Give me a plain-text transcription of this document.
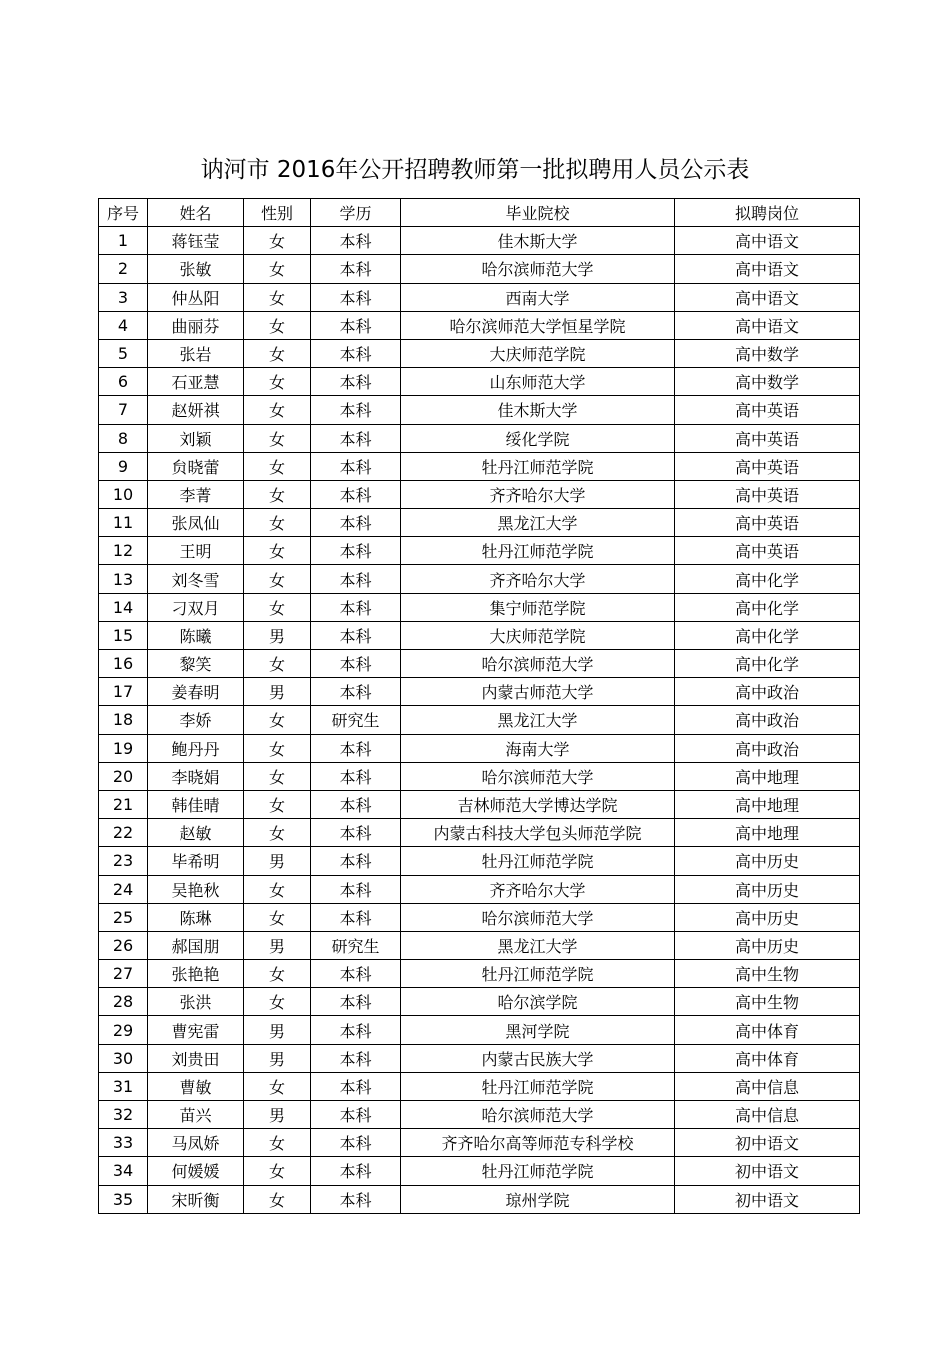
讷河市 2016年公开招聘教师第一批拟聘用人员公示表
序号	姓名	性别	学历	毕业院校	拟聘岗位
1	蒋钰莹	女	本科	佳木斯大学	高中语文
2	张敏	女	本科	哈尔滨师范大学	高中语文
3	仲丛阳	女	本科	西南大学	高中语文
4	曲丽芬	女	本科	哈尔滨师范大学恒星学院	高中语文
5	张岩	女	本科	大庆师范学院	高中数学
6	石亚慧	女	本科	山东师范大学	高中数学
7	赵妍祺	女	本科	佳木斯大学	高中英语
8	刘颖	女	本科	绥化学院	高中英语
9	贠晓蕾	女	本科	牡丹江师范学院	高中英语
10	李菁	女	本科	齐齐哈尔大学	高中英语
11	张凤仙	女	本科	黑龙江大学	高中英语
12	王明	女	本科	牡丹江师范学院	高中英语
13	刘冬雪	女	本科	齐齐哈尔大学	高中化学
14	刁双月	女	本科	集宁师范学院	高中化学
15	陈曦	男	本科	大庆师范学院	高中化学
16	黎笑	女	本科	哈尔滨师范大学	高中化学
17	姜春明	男	本科	内蒙古师范大学	高中政治
18	李娇	女	研究生	黑龙江大学	高中政治
19	鲍丹丹	女	本科	海南大学	高中政治
20	李晓娟	女	本科	哈尔滨师范大学	高中地理
21	韩佳晴	女	本科	吉林师范大学博达学院	高中地理
22	赵敏	女	本科	内蒙古科技大学包头师范学院	高中地理
23	毕希明	男	本科	牡丹江师范学院	高中历史
24	吴艳秋	女	本科	齐齐哈尔大学	高中历史
25	陈琳	女	本科	哈尔滨师范大学	高中历史
26	郝国朋	男	研究生	黑龙江大学	高中历史
27	张艳艳	女	本科	牡丹江师范学院	高中生物
28	张洪	女	本科	哈尔滨学院	高中生物
29	曹宪雷	男	本科	黑河学院	高中体育
30	刘贵田	男	本科	内蒙古民族大学	高中体育
31	曹敏	女	本科	牡丹江师范学院	高中信息
32	苗兴	男	本科	哈尔滨师范大学	高中信息
33	马凤娇	女	本科	齐齐哈尔高等师范专科学校	初中语文
34	何媛媛	女	本科	牡丹江师范学院	初中语文
35	宋昕衡	女	本科	琼州学院	初中语文
